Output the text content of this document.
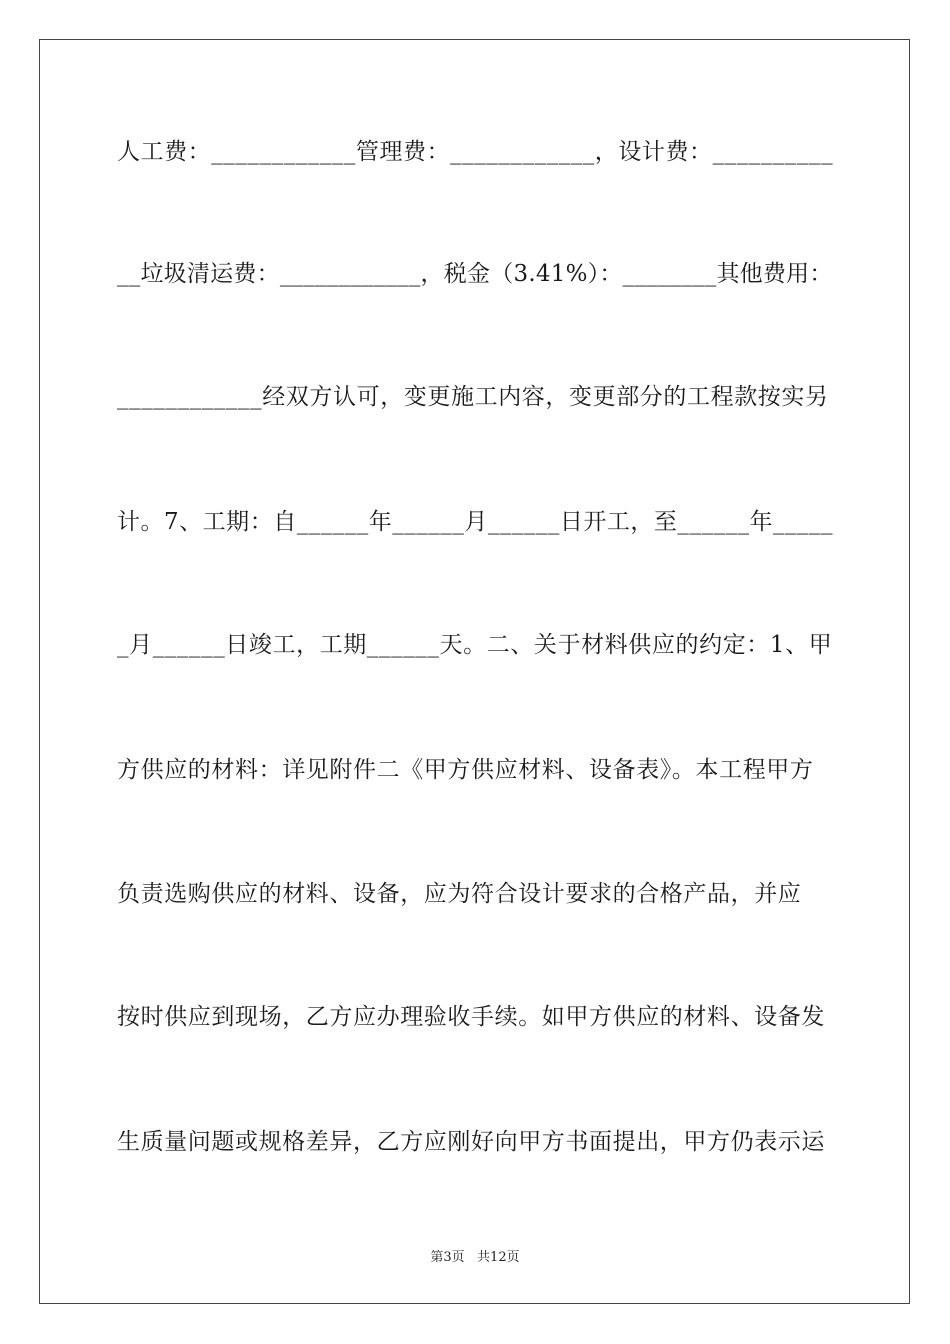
人工费：____________管理费：____________，设计费：__________
__垃圾清运费：____________，税金（3.41%）：________其他费用：
____________经双方认可，变更施工内容，变更部分的工程款按实另
计。7、工期：自______年______月______日开工，至______年_____
_月______日竣工，工期______天。二、关于材料供应的约定：1、甲
方供应的材料：详见附件二《甲方供应材料、设备表》。本工程甲方
负责选购供应的材料、设备，应为符合设计要求的合格产品，并应
按时供应到现场，乙方应办理验收手续。如甲方供应的材料、设备发
生质量问题或规格差异，乙方应刚好向甲方书面提出，甲方仍表示运
第3页   共12页
